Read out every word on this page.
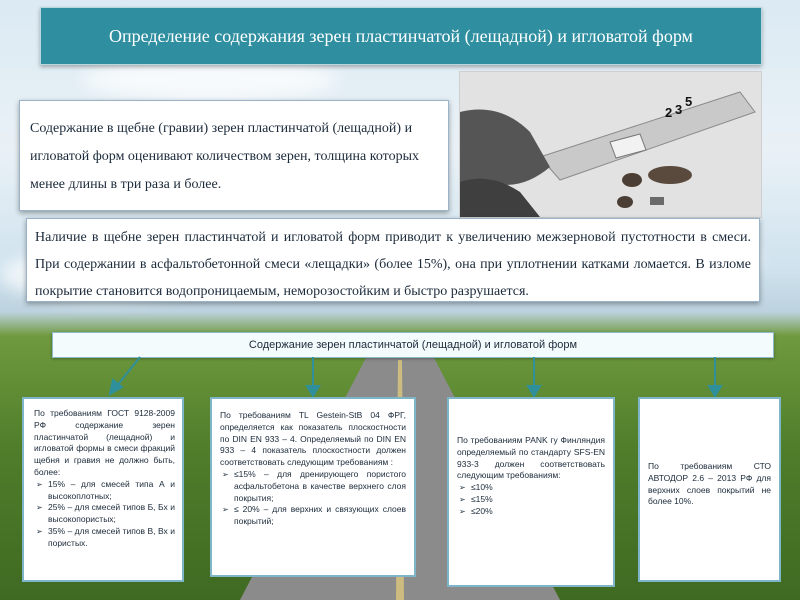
Определение содержания зерен пластинчатой (лещадной) и игловатой форм
2 3
5
Содержание в щебне (гравии) зерен пластинчатой (лещадной) и игловатой форм оценивают количеством зерен, толщина которых менее длины в три раза и более.
Наличие в щебне зерен пластинчатой и игловатой форм приводит к увеличению межзерновой пустотности в смеси. При содержании в асфальтобетонной смеси «лещадки» (более 15%), она при уплотнении катками ломается. В изломе покрытие становится водопроницаемым, неморозостойким и быстро разрушается.
Содержание зерен пластинчатой (лещадной) и игловатой форм

По требованиям ГОСТ 9128-2009 РФ содержание зерен пластинчатой (лещадной) и игловатой формы в смеси фракций щебня и гравия не должно быть, более:

➢ 15% – для смесей типа А и высокоплотных;
➢ 25% – для смесей типов Б, Бх и высокопористых;
➢ 35% – для смесей типов В, Вх и пористых.

По требованиям TL Gestein-StB 04 ФРГ, определяется как показатель плоскостности по DIN EN 933 – 4. Определяемый по DIN EN 933 – 4 показатель плоскостности должен соответствовать следующим требованиям :

➢ ≤15% – для дренирующего пористого асфальтобетона в качестве верхнего слоя покрытия;
➢ ≤ 20% – для верхних и связующих слоев покрытий;

По требованиям PANK гу Финляндия определяемый по стандарту SFS-EN 933-3 должен соответствовать следующим требованиям:

➢ ≤10%
➢ ≤15%
➢ ≤20%

По требованиям СТО АВТОДОР 2.6 – 2013 РФ для верхних слоев покрытий не более 10%.
